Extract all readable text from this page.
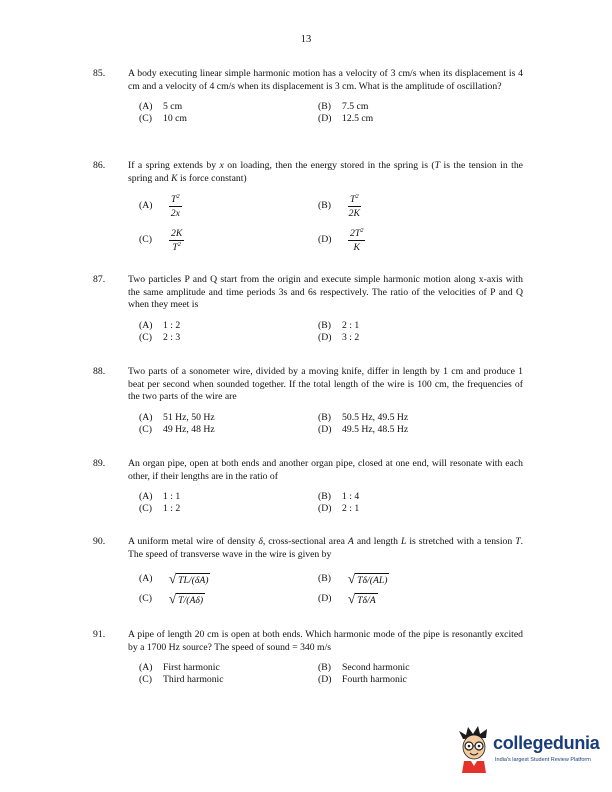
13
85. A body executing linear simple harmonic motion has a velocity of 3 cm/s when its displacement is 4 cm and a velocity of 4 cm/s when its displacement is 3 cm. What is the amplitude of oscillation?
(A) 5 cm	(B) 7.5 cm
(C) 10 cm	(D) 12.5 cm
86. If a spring extends by x on loading, then the energy stored in the spring is (T is the tension in the spring and K is force constant)
(A)	$\frac{T^2}{2x}$	(B)	$\frac{T^2}{2K}$
(C)	$\frac{2K}{T^2}$	(D)	$\frac{2T^2}{K}$
87. Two particles P and Q start from the origin and execute simple harmonic motion along x-axis with the same amplitude and time periods 3s and 6s respectively. The ratio of the velocities of P and Q when they meet is
(A) 1 : 2	(B) 2 : 1
(C) 2 : 3	(D) 3 : 2
88. Two parts of a sonometer wire, divided by a moving knife, differ in length by 1 cm and produce 1 beat per second when sounded together. If the total length of the wire is 100 cm, the frequencies of the two parts of the wire are
(A) 51 Hz, 50 Hz	(B) 50.5 Hz, 49.5 Hz
(C) 49 Hz, 48 Hz	(D) 49.5 Hz, 48.5 Hz
89. An organ pipe, open at both ends and another organ pipe, closed at one end, will resonate with each other, if their lengths are in the ratio of
(A) 1 : 1	(B) 1 : 4
(C) 1 : 2	(D) 2 : 1
90. A uniform metal wire of density δ, cross-sectional area A and length L is stretched with a tension T. The speed of transverse wave in the wire is given by
(A)	√ TL/(δA)	(B)	√ Tδ/(AL)
(C)	√ T/(Aδ)	(D)	√ Tδ/A
91. A pipe of length 20 cm is open at both ends. Which harmonic mode of the pipe is resonantly excited by a 1700 Hz source? The speed of sound = 340 m/s
(A) First harmonic	(B) Second harmonic
(C) Third harmonic	(D) Fourth harmonic
collegedunia
India's largest Student Review Platform
